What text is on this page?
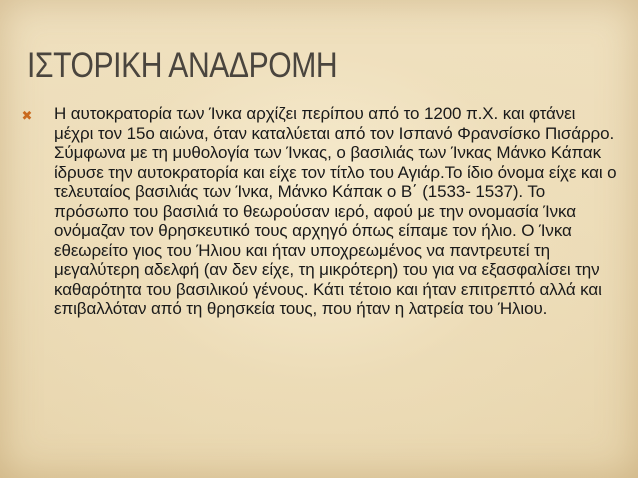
ΙΣΤΟΡΙΚΗ ΑΝΑΔΡΟΜΗ
✖ Η αυτοκρατορία των Ίνκα αρχίζει περίπου από το 1200 π.Χ. και φτάνει μέχρι τον 15ο αιώνα, όταν καταλύεται από τον Ισπανό Φρανσίσκο Πισάρρο. Σύμφωνα με τη μυθολογία των Ίνκας, ο βασιλιάς των Ίνκας Μάνκο Κάπακ ίδρυσε την αυτοκρατορία και είχε τον τίτλο του Αγιάρ.Το ίδιο όνομα είχε και ο τελευταίος βασιλιάς των Ίνκα, Μάνκο Κάπακ ο Β΄ (1533- 1537). Το πρόσωπο του βασιλιά το θεωρούσαν ιερό, αφού με την ονομασία Ίνκα ονόμαζαν τον θρησκευτικό τους αρχηγό όπως είπαμε τον ήλιο. Ο Ίνκα εθεωρείτο γιος του Ήλιου και ήταν υποχρεωμένος να παντρευτεί τη μεγαλύτερη αδελφή (αν δεν είχε, τη μικρότερη) του για να εξασφαλίσει την καθαρότητα του βασιλικού γένους. Κάτι τέτοιο και ήταν επιτρεπτό αλλά και επιβαλλόταν από τη θρησκεία τους, που ήταν η λατρεία του Ήλιου.
